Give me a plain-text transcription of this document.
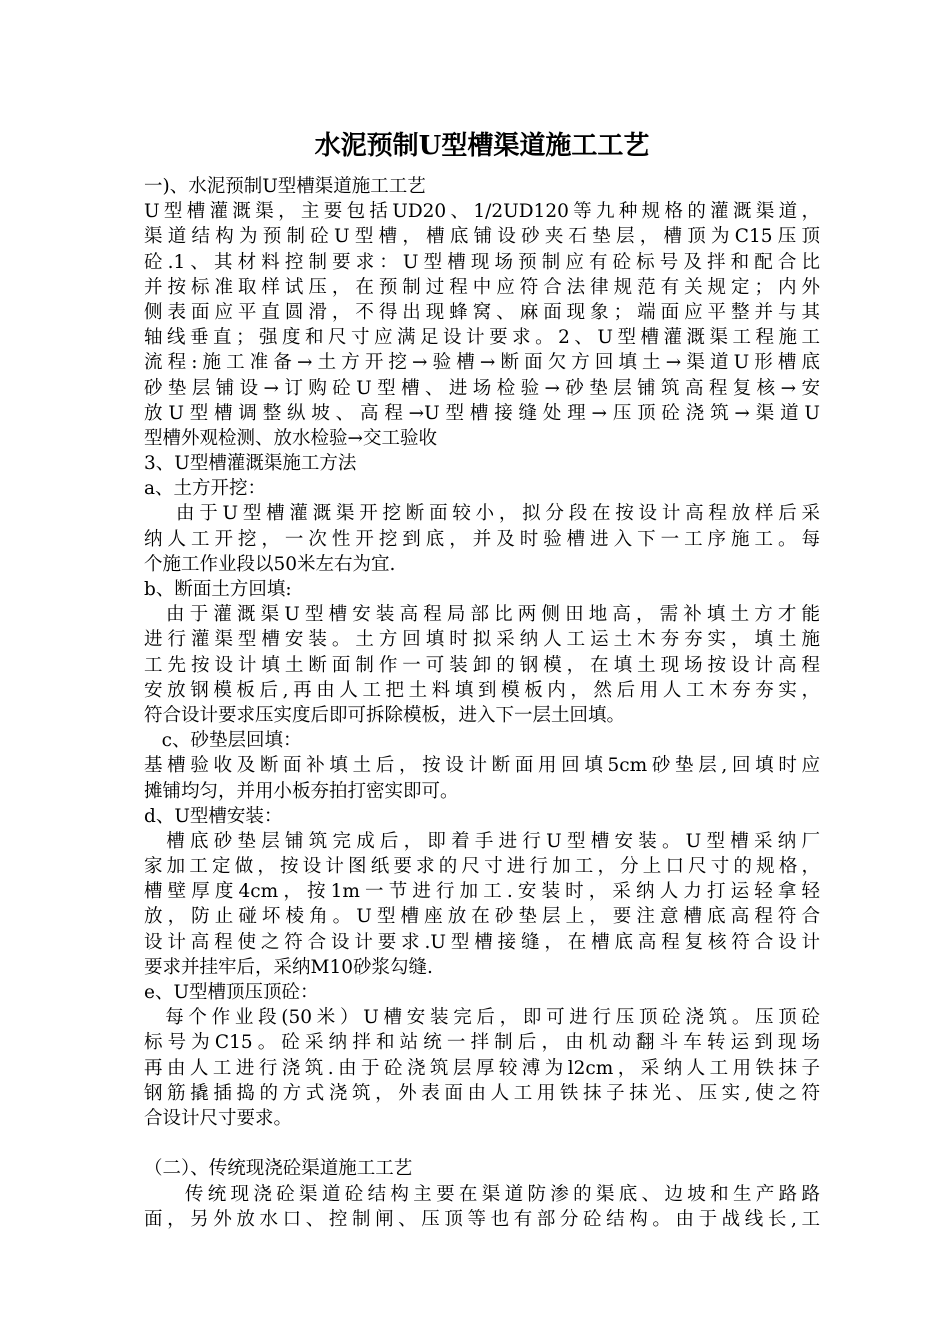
水泥预制U型槽渠道施工工艺
一)、水泥预制U型槽渠道施工工艺
U型槽灌溉渠，主要包括UD20、1/2UD120等九种规格的灌溉渠道，
渠道结构为预制砼U型槽，槽底铺设砂夹石垫层，槽顶为C15压顶
砼.1、其材料控制要求：U型槽现场预制应有砼标号及拌和配合比
并按标准取样试压，在预制过程中应符合法律规范有关规定；内外
侧表面应平直圆滑，不得出现蜂窝、麻面现象；端面应平整并与其
轴线垂直；强度和尺寸应满足设计要求。2、U型槽灌溉渠工程施工
流程:施工准备→土方开挖→验槽→断面欠方回填土→渠道U形槽底
砂垫层铺设→订购砼U型槽、进场检验→砂垫层铺筑高程复核→安
放U型槽调整纵坡、高程→U型槽接缝处理→压顶砼浇筑→渠道U
型槽外观检测、放水检验→交工验收
3、U型槽灌溉渠施工方法
a、土方开挖：
由于U型槽灌溉渠开挖断面较小，拟分段在按设计高程放样后采
纳人工开挖，一次性开挖到底，并及时验槽进入下一工序施工。每
个施工作业段以50米左右为宜.
b、断面土方回填:
由于灌溉渠U型槽安装高程局部比两侧田地高，需补填土方才能
进行灌渠型槽安装。土方回填时拟采纳人工运土木夯夯实，填土施
工先按设计填土断面制作一可装卸的钢模，在填土现场按设计高程
安放钢模板后,再由人工把土料填到模板内，然后用人工木夯夯实，
符合设计要求压实度后即可拆除模板，进入下一层土回填。
c、砂垫层回填：
基槽验收及断面补填土后，按设计断面用回填5cm砂垫层,回填时应
摊铺均匀，并用小板夯拍打密实即可。
d、U型槽安装：
槽底砂垫层铺筑完成后，即着手进行U型槽安装。U型槽采纳厂
家加工定做，按设计图纸要求的尺寸进行加工，分上口尺寸的规格，
槽壁厚度4cm，按1m一节进行加工.安装时，采纳人力打运轻拿轻
放，防止碰坏棱角。U型槽座放在砂垫层上，要注意槽底高程符合
设计高程使之符合设计要求.U型槽接缝，在槽底高程复核符合设计
要求并挂牢后，采纳M10砂浆勾缝.
e、U型槽顶压顶砼：
每个作业段(50米）U槽安装完后，即可进行压顶砼浇筑。压顶砼
标号为C15。砼采纳拌和站统一拌制后，由机动翻斗车转运到现场
再由人工进行浇筑.由于砼浇筑层厚较溥为l2cm，采纳人工用铁抹子
钢筋撬插捣的方式浇筑，外表面由人工用铁抹子抹光、压实,使之符
合设计尺寸要求。
（二）、传统现浇砼渠道施工工艺
传统现浇砼渠道砼结构主要在渠道防渗的渠底、边坡和生产路路
面，另外放水口、控制闸、压顶等也有部分砼结构。由于战线长,工
